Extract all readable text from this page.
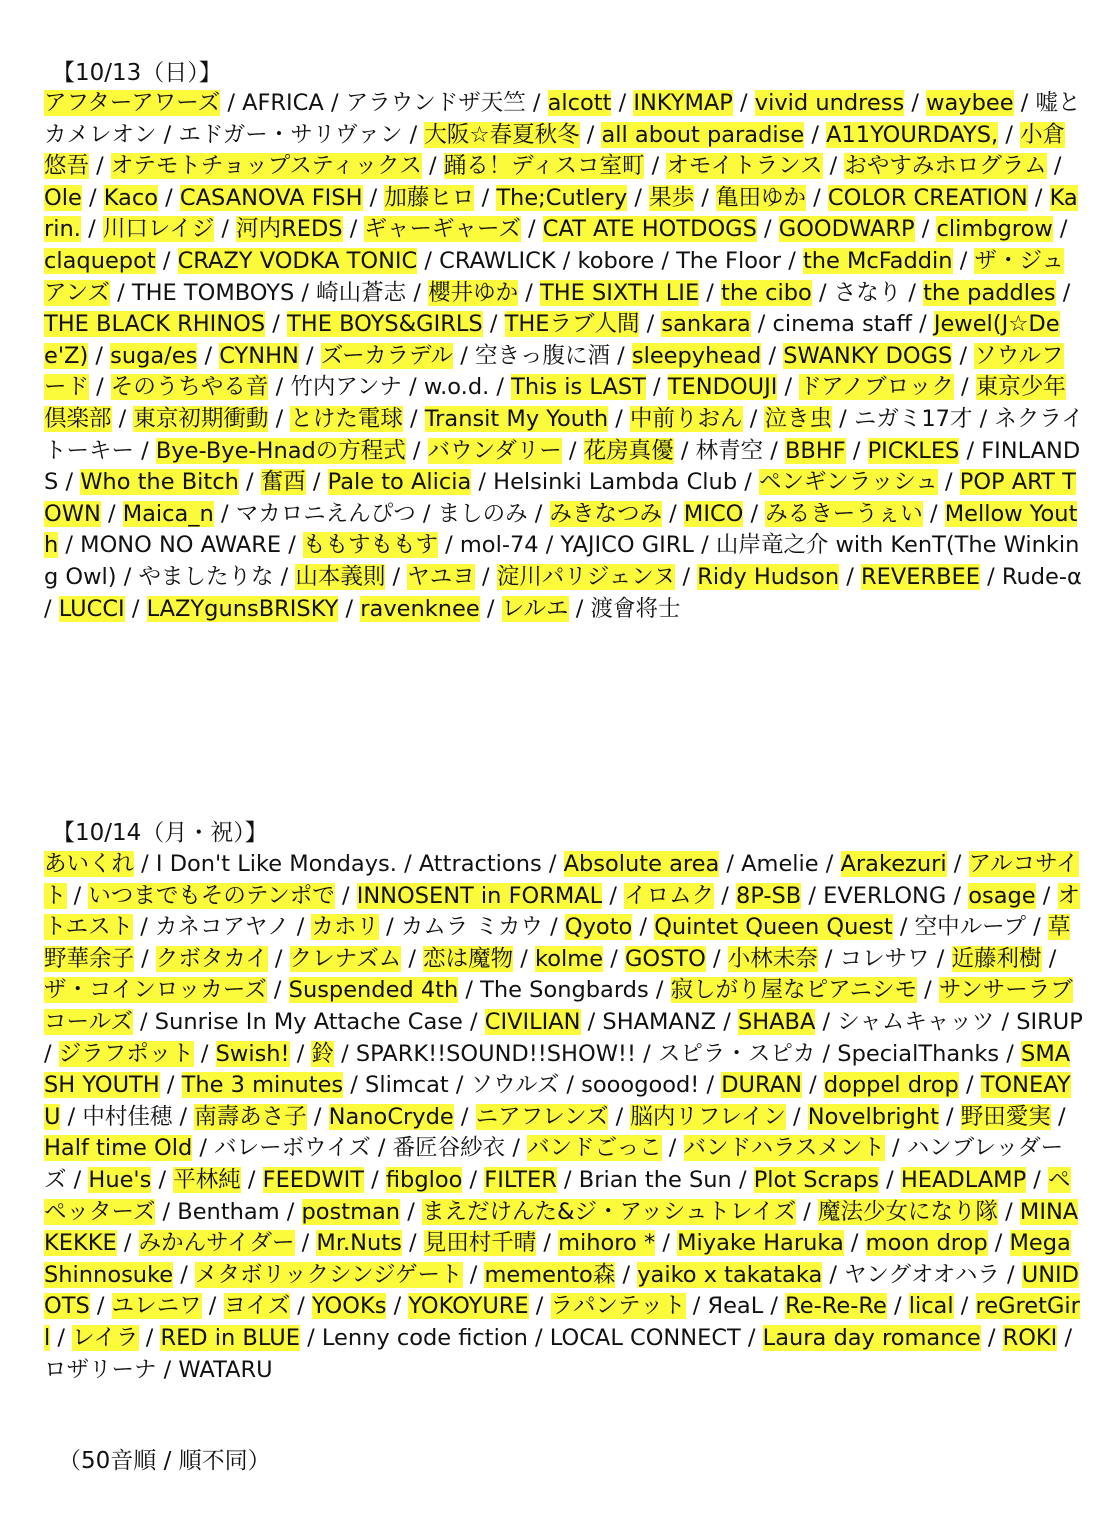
【10/13（日）】

アフターアワーズ / AFRICA / アラウンドザ天竺 / alcott / INKYMAP / vivid undress / waybee / 嘘とカメレオン / エドガー・サリヴァン / 大阪☆春夏秋冬 / all about paradise / A11YOURDAYS, / 小倉悠吾 / オテモトチョップスティックス / 踊る！ディスコ室町 / オモイトランス / おやすみホログラム / Ole / Kaco / CASANOVA FISH / 加藤ヒロ / The;Cutlery / 果歩 / 亀田ゆか / COLOR CREATION / Karin. / 川口レイジ / 河内REDS / ギャーギャーズ / CAT ATE HOTDOGS / GOODWARP / climbgrow / claquepot / CRAZY VODKA TONIC / CRAWLICK / kobore / The Floor / the McFaddin / ザ・ジュアンズ / THE TOMBOYS / 崎山蒼志 / 櫻井ゆか / THE SIXTH LIE / the cibo / さなり / the paddles / THE BLACK RHINOS / THE BOYS&GIRLS / THEラブ人間 / sankara / cinema staff / Jewel(J☆Dee'Z) / suga/es / CYNHN / ズーカラデル / 空きっ腹に酒 / sleepyhead / SWANKY DOGS / ソウルフード / そのうちやる音 / 竹内アンナ / w.o.d. / This is LAST / TENDOUJI / ドアノブロック / 東京少年倶楽部 / 東京初期衝動 / とけた電球 / Transit My Youth / 中前りおん / 泣き虫 / ニガミ17才 / ネクライトーキー / Bye-Bye-Hnadの方程式 / バウンダリー / 花房真優 / 林青空 / BBHF / PICKLES / FINLANDS / Who the Bitch / 奮酉 / Pale to Alicia / Helsinki Lambda Club / ペンギンラッシュ / POP ART TOWN / Maica_n / マカロニえんぴつ / ましのみ / みきなつみ / MICO / みるきーうぇい / Mellow Youth / MONO NO AWARE / ももすももす / mol-74 / YAJICO GIRL / 山岸竜之介 with KenT(The Winking Owl) / やましたりな / 山本義則 / ヤユヨ / 淀川パリジェンヌ / Ridy Hudson / REVERBEE / Rude-α / LUCCI / LAZYgunsBRISKY / ravenknee / レルエ / 渡會将士

【10/14（月・祝）】

あいくれ / I Don't Like Mondays. / Attractions / Absolute area / Amelie / Arakezuri / アルコサイト / いつまでもそのテンポで / INNOSENT in FORMAL / イロムク / 8P-SB / EVERLONG / osage / オトエスト / カネコアヤノ / カホリ / カムラ ミカウ / Qyoto / Quintet Queen Quest / 空中ループ / 草野華余子 / クボタカイ / クレナズム / 恋は魔物 / kolme / GOSTO / 小林未奈 / コレサワ / 近藤利樹 / ザ・コインロッカーズ / Suspended 4th / The Songbards / 寂しがり屋なピアニシモ / サンサーラブコールズ / Sunrise In My Attache Case / CIVILIAN / SHAMANZ / SHABA / シャムキャッツ / SIRUP / ジラフポット / Swish! / 鈴 / SPARK!!SOUND!!SHOW!! / スピラ・スピカ / SpecialThanks / SMASH YOUTH / The 3 minutes / Slimcat / ソウルズ / sooogood! / DURAN / doppel drop / TONEAYU / 中村佳穂 / 南壽あさ子 / NanoCryde / ニアフレンズ / 脳内リフレイン / Novelbright / 野田愛実 / Half time Old / バレーボウイズ / 番匠谷紗衣 / バンドごっこ / バンドハラスメント / ハンブレッダーズ / Hue's / 平林純 / FEEDWIT / fibgloo / FILTER / Brian the Sun / Plot Scraps / HEADLAMP / ペペッターズ / Bentham / postman / まえだけんた&ジ・アッシュトレイズ / 魔法少女になり隊 / MINAKEKKE / みかんサイダー / Mr.Nuts / 見田村千晴 / mihoro * / Miyake Haruka / moon drop / Mega Shinnosuke / メタボリックシンジゲート / memento森 / yaiko x takataka / ヤングオオハラ / UNIDOTS / ユレニワ / ヨイズ / YOOKs / YOKOYURE / ラパンテット / ЯeaL / Re-Re-Re / lical / reGretGirl / レイラ / RED in BLUE / Lenny code fiction / LOCAL CONNECT / Laura day romance / ROKI / ロザリーナ / WATARU

（50音順 / 順不同）
